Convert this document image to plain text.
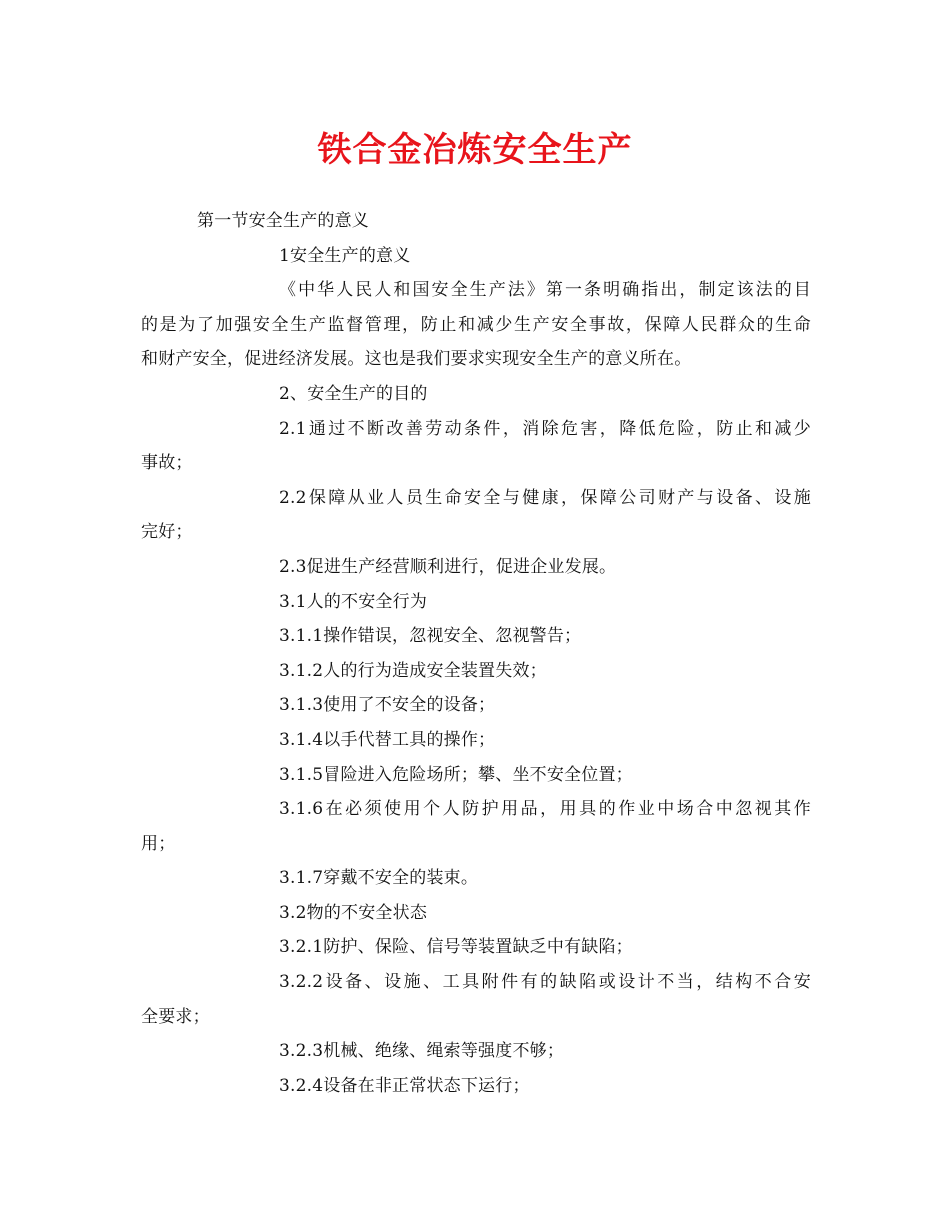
铁合金冶炼安全生产
第一节安全生产的意义
1安全生产的意义
《中华人民人和国安全生产法》第一条明确指出，制定该法的目
的是为了加强安全生产监督管理，防止和减少生产安全事故，保障人民群众的生命
和财产安全，促进经济发展。这也是我们要求实现安全生产的意义所在。
2、安全生产的目的
2.1通过不断改善劳动条件，消除危害，降低危险，防止和减少
事故；
2.2保障从业人员生命安全与健康，保障公司财产与设备、设施
完好；
2.3促进生产经营顺利进行，促进企业发展。
3.1人的不安全行为
3.1.1操作错误，忽视安全、忽视警告；
3.1.2人的行为造成安全装置失效；
3.1.3使用了不安全的设备；
3.1.4以手代替工具的操作；
3.1.5冒险进入危险场所；攀、坐不安全位置；
3.1.6在必须使用个人防护用品，用具的作业中场合中忽视其作
用；
3.1.7穿戴不安全的装束。
3.2物的不安全状态
3.2.1防护、保险、信号等装置缺乏中有缺陷；
3.2.2设备、设施、工具附件有的缺陷或设计不当，结构不合安
全要求；
3.2.3机械、绝缘、绳索等强度不够；
3.2.4设备在非正常状态下运行；
